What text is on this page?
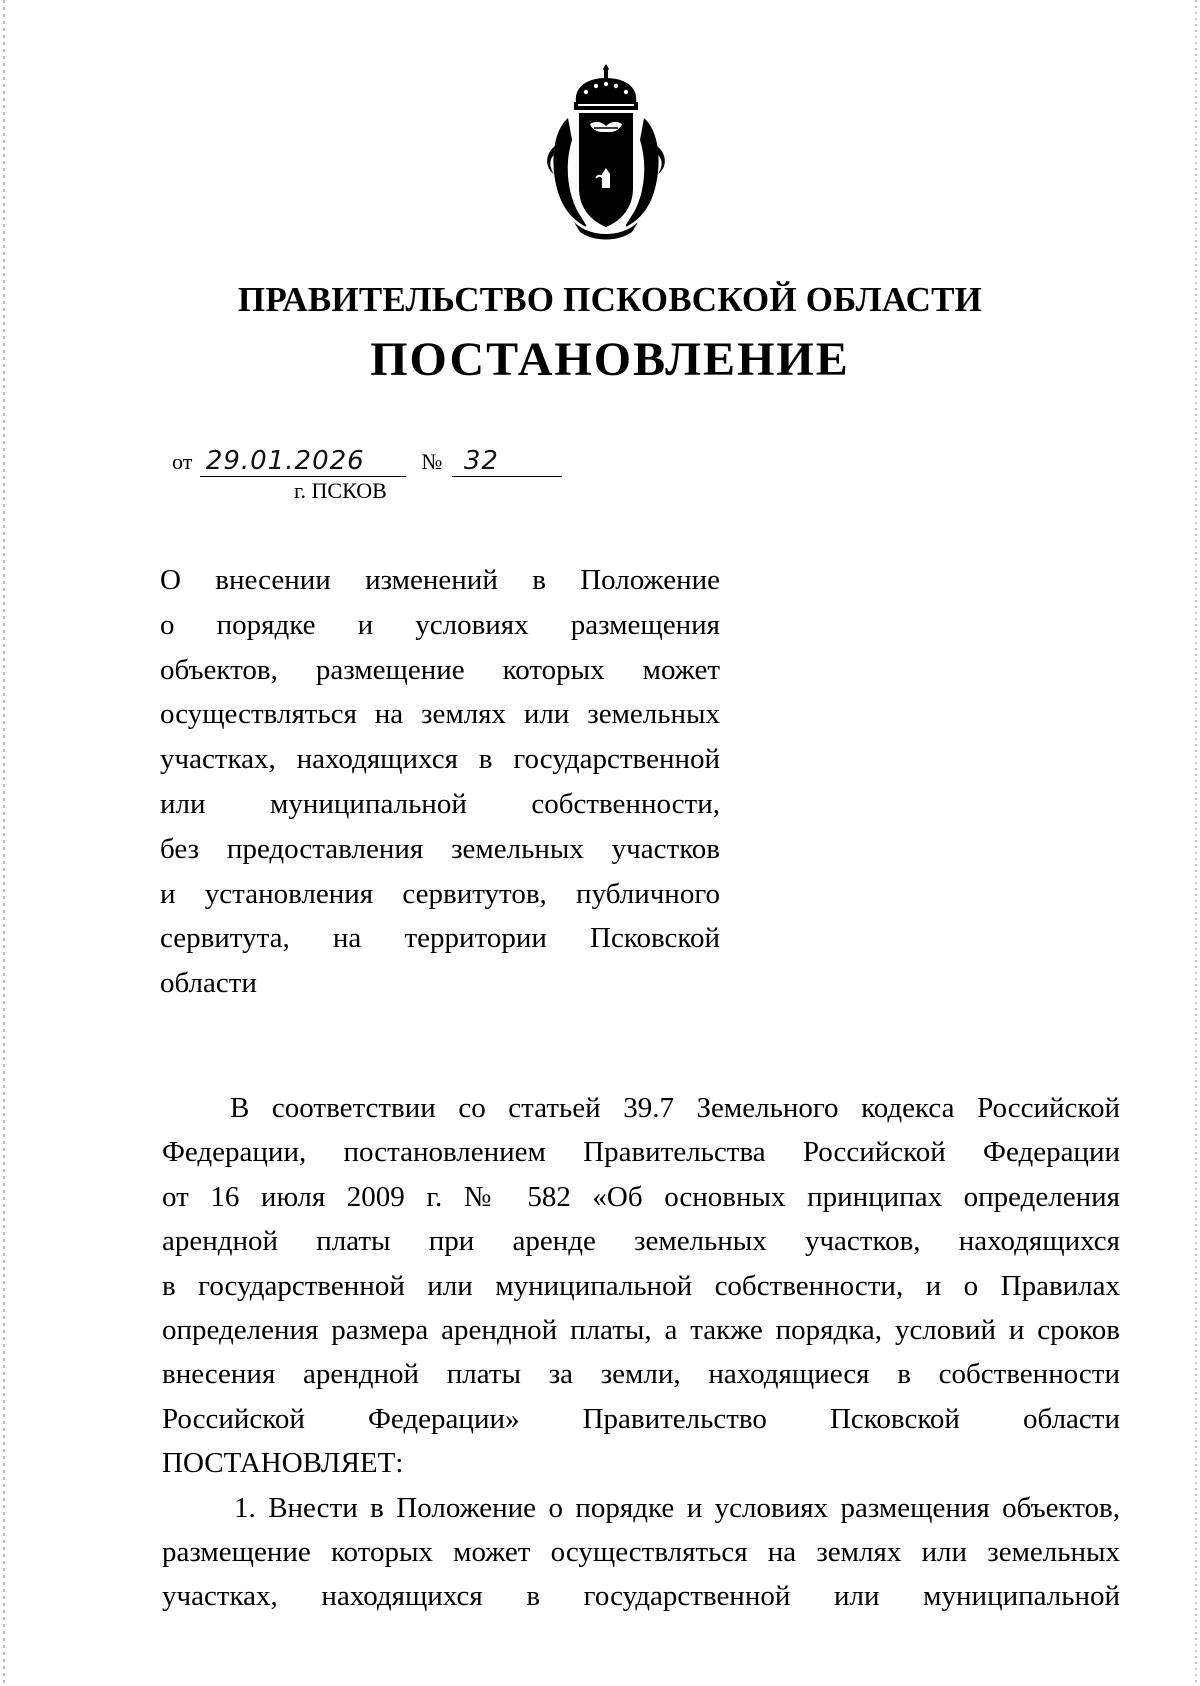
ПРАВИТЕЛЬСТВО ПСКОВСКОЙ ОБЛАСТИ
ПОСТАНОВЛЕНИЕ
от 29.01.2026	№ 32
г. ПСКОВ
О внесении изменений в Положение
о порядке и условиях размещения
объектов, размещение которых может
осуществляться на землях или земельных
участках, находящихся в государственной
или муниципальной собственности,
без предоставления земельных участков
и установления сервитутов, публичного
сервитута, на территории Псковской
области
В соответствии со статьей 39.7 Земельного кодекса Российской
Федерации, постановлением Правительства Российской Федерации
от 16 июля 2009 г. № 582 «Об основных принципах определения
арендной платы при аренде земельных участков, находящихся
в государственной или муниципальной собственности, и о Правилах
определения размера арендной платы, а также порядка, условий и сроков
внесения арендной платы за земли, находящиеся в собственности
Российской Федерации» Правительство Псковской области
ПОСТАНОВЛЯЕТ:
1. Внести в Положение о порядке и условиях размещения объектов,
размещение которых может осуществляться на землях или земельных
участках, находящихся в государственной или муниципальной
